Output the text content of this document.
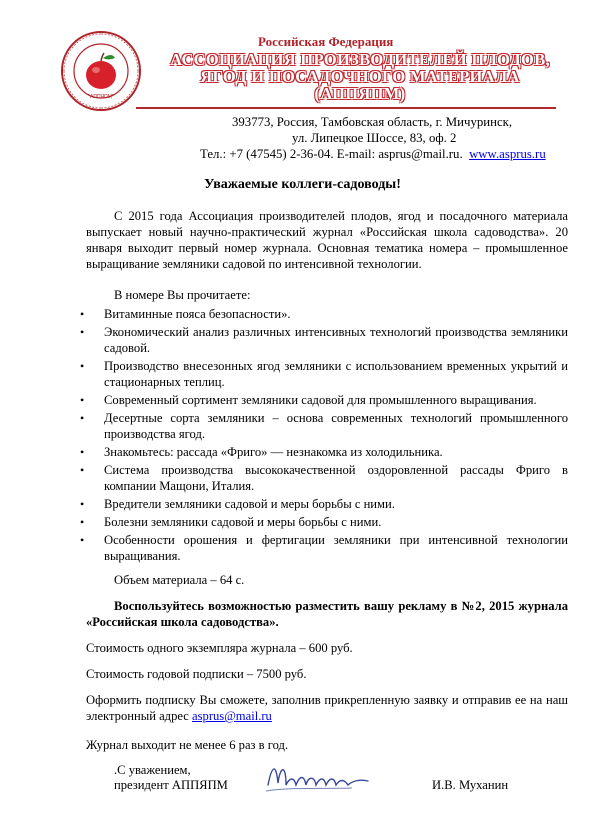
"АППЯПМ"
Российская Федерация
АССОЦИАЦИЯ ПРОИЗВОДИТЕЛЕЙ ПЛОДОВ,
ЯГОД И ПОСАДОЧНОГО МАТЕРИАЛА
(АППЯПМ)
393773, Россия, Тамбовская область, г. Мичуринск,
ул. Липецкое Шоссе, 83, оф. 2
Тел.: +7 (47545) 2-36-04. E-mail: asprus@mail.ru. www.asprus.ru
Уважаемые коллеги-садоводы!
С 2015 года Ассоциация производителей плодов, ягод и посадочного материала выпускает новый научно-практический журнал «Российская школа садоводства». 20 января выходит первый номер журнала. Основная тематика номера – промышленное выращивание земляники садовой по интенсивной технологии.
В номере Вы прочитаете:
• Витаминные пояса безопасности».
• Экономический анализ различных интенсивных технологий производства земляники садовой.
• Производство внесезонных ягод земляники с использованием временных укрытий и стационарных теплиц.
• Современный сортимент земляники садовой для промышленного выращивания.
• Десертные сорта земляники – основа современных технологий промышленного производства ягод.
• Знакомьтесь: рассада «Фриго» — незнакомка из холодильника.
• Система производства высококачественной оздоровленной рассады Фриго в компании Мащони, Италия.
• Вредители земляники садовой и меры борьбы с ними.
• Болезни земляники садовой и меры борьбы с ними.
• Особенности орошения и фертигации земляники при интенсивной технологии выращивания.
Объем материала – 64 с.
Воспользуйтесь возможностью разместить вашу рекламу в №2, 2015 журнала «Российская школа садоводства».
Стоимость одного экземпляра журнала – 600 руб.
Стоимость годовой подписки – 7500 руб.
Оформить подписку Вы сможете, заполнив прикрепленную заявку и отправив ее на наш электронный адрес asprus@mail.ru
Журнал выходит не менее 6 раз в год.
.С уважением,
президент АППЯПМ	И.В. Муханин
